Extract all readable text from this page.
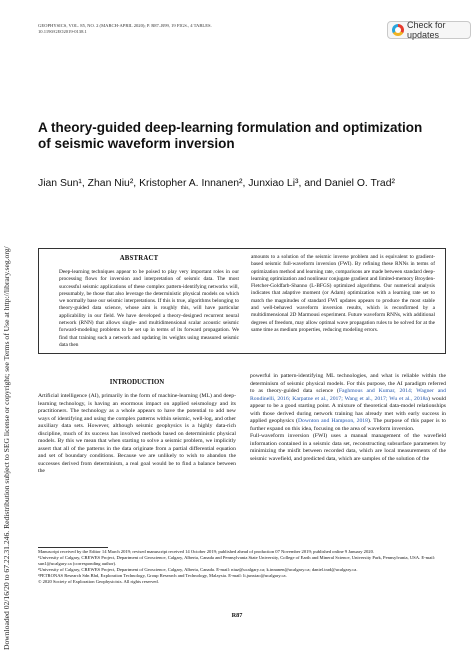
GEOPHYSICS, VOL. 85, NO. 2 (MARCH-APRIL 2020); P. R87–R99, 19 FIGS., 4 TABLES.
10.1190/GEO2019-0138.1
Check for updates
Downloaded 02/16/20 to 67.22.31.246. Redistribution subject to SEG license or copyright; see Terms of Use at http://library.seg.org/
A theory-guided deep-learning formulation and optimization of seismic waveform inversion
Jian Sun¹, Zhan Niu², Kristopher A. Innanen², Junxiao Li³, and Daniel O. Trad²
ABSTRACT
Deep-learning techniques appear to be poised to play very important roles in our processing flows for inversion and interpretation of seismic data. The most successful seismic applications of these complex pattern-identifying networks will, presumably, be those that also leverage the deterministic physical models on which we normally base our seismic interpretations. If this is true, algorithms belonging to theory-guided data science, whose aim is roughly this, will have particular applicability in our field. We have developed a theory-designed recurrent neural network (RNN) that allows single- and multidimensional scalar acoustic seismic forward-modeling problems to be set up in terms of its forward propagation. We find that training such a network and updating its weights using measured seismic data then
amounts to a solution of the seismic inverse problem and is equivalent to gradient-based seismic full-waveform inversion (FWI). By refining these RNNs in terms of optimization method and learning rate, comparisons are made between standard deep-learning optimization and nonlinear conjugate gradient and limited-memory Broyden-Fletcher-Goldfarb-Shanno (L-BFGS) optimized algorithms. Our numerical analysis indicates that adaptive moment (or Adam) optimization with a learning rate set to match the magnitudes of standard FWI updates appears to produce the most stable and well-behaved waveform inversion results, which is reconfirmed by a multidimensional 2D Marmousi experiment. Future waveform RNNs, with additional degrees of freedom, may allow optimal wave propagation rules to be solved for at the same time as medium properties, reducing modeling errors.
INTRODUCTION
Artificial intelligence (AI), primarily in the form of machine-learning (ML) and deep-learning technology, is having an enormous impact on applied seismology and its practitioners. The technology as a whole appears to have the potential to add new ways of identifying and using the complex patterns within seismic, well-log, and other auxiliary data sets. However, although seismic geophysics is a highly data-rich discipline, much of its success has involved methods based on deterministic physical models. By this we mean that when starting to solve a seismic problem, we implicitly assert that all of the patterns in the data originate from a partial differential equation and set of boundary conditions. Because we are unlikely to wish to abandon the successes derived from determinism, a real goal would be to find a balance between the
powerful in pattern-identifying ML technologies, and what is reliable within the determinism of seismic physical models. For this purpose, the AI paradigm referred to as theory-guided data science (Faghmous and Kumar, 2014; Wagner and Rondinelli, 2016; Karpatne et al., 2017; Wang et al., 2017; Wu et al., 2018a) would appear to be a good starting point. A mixture of theoretical data-model relationships with those derived during network training has already met with early success in applied geophysics (Downton and Hampson, 2018). The purpose of this paper is to further expand on this idea, focusing on the area of waveform inversion.
Full-waveform inversion (FWI) uses a manual management of the wavefield information contained in a seismic data set, reconstructing subsurface parameters by minimizing the misfit between recorded data, which are local measurements of the seismic wavefield, and predicted data, which are samples of the solution of the
Manuscript received by the Editor 14 March 2019; revised manuscript received 14 October 2019; published ahead of production 07 November 2019; published online 9 January 2020.
¹University of Calgary, CREWES Project, Department of Geoscience, Calgary, Alberta, Canada and Pennsylvania State University, College of Earth and Mineral Science, University Park, Pennsylvania, USA. E-mail: sun1@ucalgary.ca (corresponding author).
²University of Calgary, CREWES Project, Department of Geoscience, Calgary, Alberta, Canada. E-mail: niuz@ucalgary.ca; k.innanen@ucalgary.ca; daniel.trad@ucalgary.ca.
³PETRONAS Research Sdn Bhd, Exploration Technology, Group Research and Technology, Malaysia. E-mail: li.junxiao@ucalgary.ca.
© 2020 Society of Exploration Geophysicists. All rights reserved.
R87
